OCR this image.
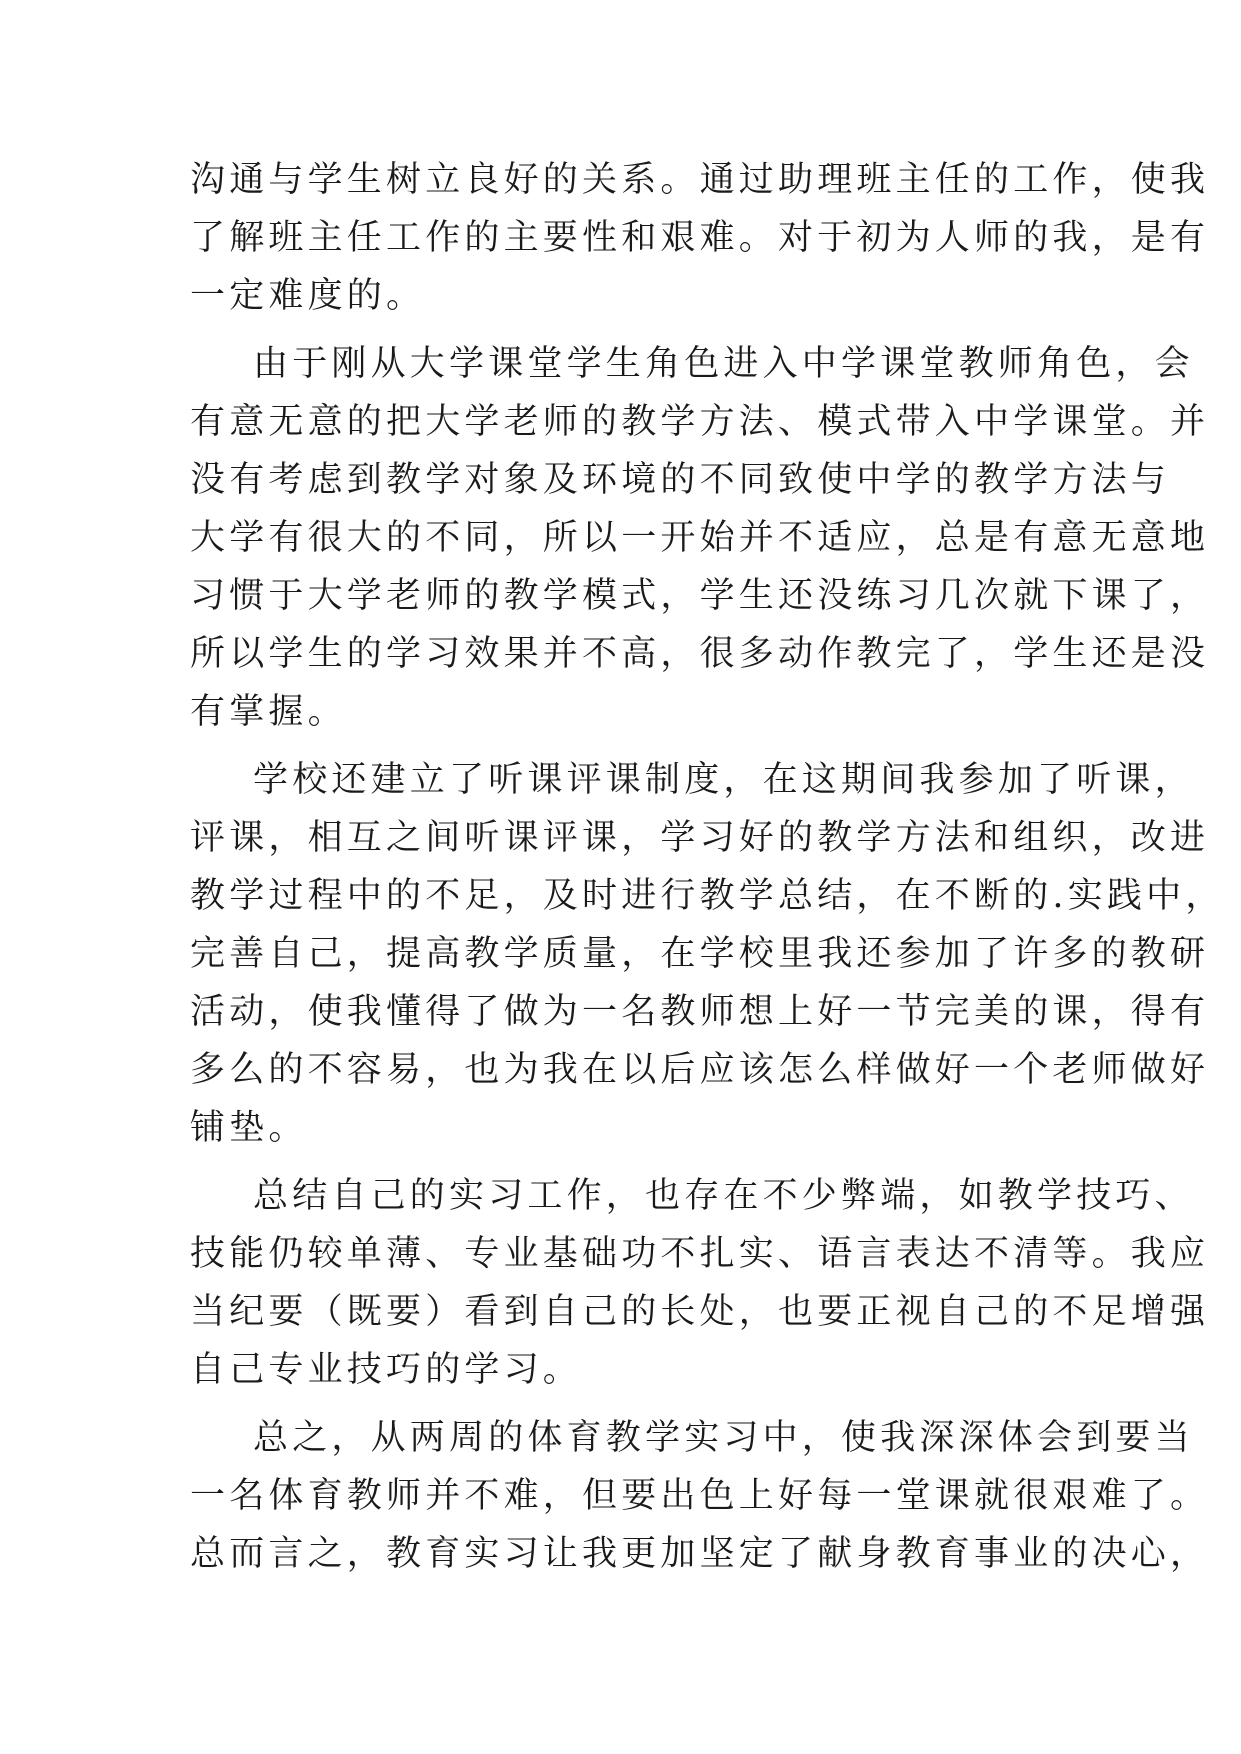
沟通与学生树立良好的关系。通过助理班主任的工作，使我
了解班主任工作的主要性和艰难。对于初为人师的我，是有
一定难度的。
由于刚从大学课堂学生角色进入中学课堂教师角色，会
有意无意的把大学老师的教学方法、模式带入中学课堂。并
没有考虑到教学对象及环境的不同致使中学的教学方法与
大学有很大的不同，所以一开始并不适应，总是有意无意地
习惯于大学老师的教学模式，学生还没练习几次就下课了，
所以学生的学习效果并不高，很多动作教完了，学生还是没
有掌握。
学校还建立了听课评课制度，在这期间我参加了听课，
评课，相互之间听课评课，学习好的教学方法和组织，改进
教学过程中的不足，及时进行教学总结，在不断的.实践中，
完善自己，提高教学质量，在学校里我还参加了许多的教研
活动，使我懂得了做为一名教师想上好一节完美的课，得有
多么的不容易，也为我在以后应该怎么样做好一个老师做好
铺垫。
总结自己的实习工作，也存在不少弊端，如教学技巧、
技能仍较单薄、专业基础功不扎实、语言表达不清等。我应
当纪要（既要）看到自己的长处，也要正视自己的不足增强
自己专业技巧的学习。
总之，从两周的体育教学实习中，使我深深体会到要当
一名体育教师并不难，但要出色上好每一堂课就很艰难了。
总而言之，教育实习让我更加坚定了献身教育事业的决心，
